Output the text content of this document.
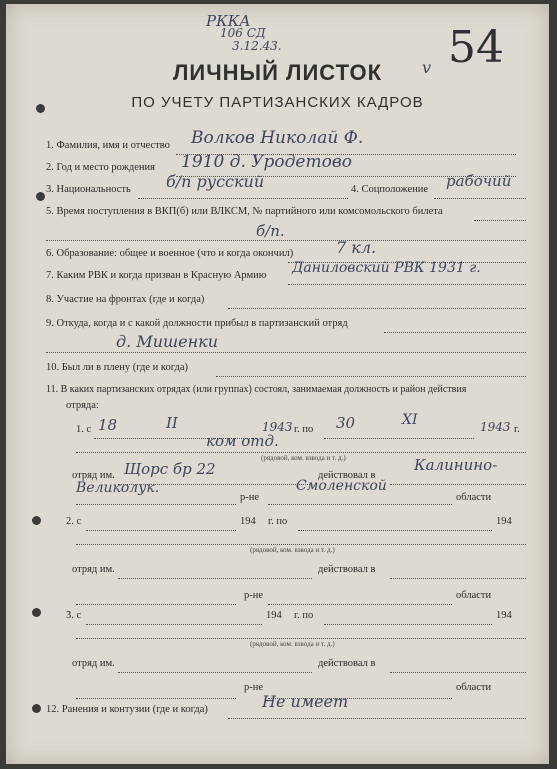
РККА
106 СД
3.12.43.	54
v
ЛИЧНЫЙ ЛИСТОК
ПО УЧЕТУ ПАРТИЗАНСКИХ КАДРОВ
1. Фамилия, имя и отчество Волков Николай Ф.
2. Год и место рождения 1910 д. Уродетово
3. Национальность б/п русский	4. Соцположение рабочий
5. Время поступления в ВКП(б) или ВЛКСМ, № партийного или комсомольского билета
б/п.
6. Образование: общее и военное (что и когда окончил)	7 кл.
7. Каким РВК и когда призван в Красную Армию Даниловский РВК 1931 г.
8. Участие на фронтах (где и когда)
9. Откуда, когда и с какой должности прибыл в партизанский отряд
д. Мишенки
10. Был ли в плену (где и когда)
11. В каких партизанских отрядах (или группах) состоял, занимаемая должность и район действия
отряда:
1. с 18	II	1943 г. по 30	XI	1943 г.
ком отд.
(рядовой, ком. взвода и т. д.)
отряд им. Щорс бр 22	действовал в
Калинино-
Великолук.
р-не
Смоленской
области
2. с	194 г. по	194
(рядовой, ком. взвода и т. д.)
отряд им.	действовал в
р-не	области
3. с	194 г. по	194
(рядовой, ком. взвода и т. д.)
отряд им.	действовал в
р-не	области
12. Ранения и контузии (где и когда)	Не имеет
